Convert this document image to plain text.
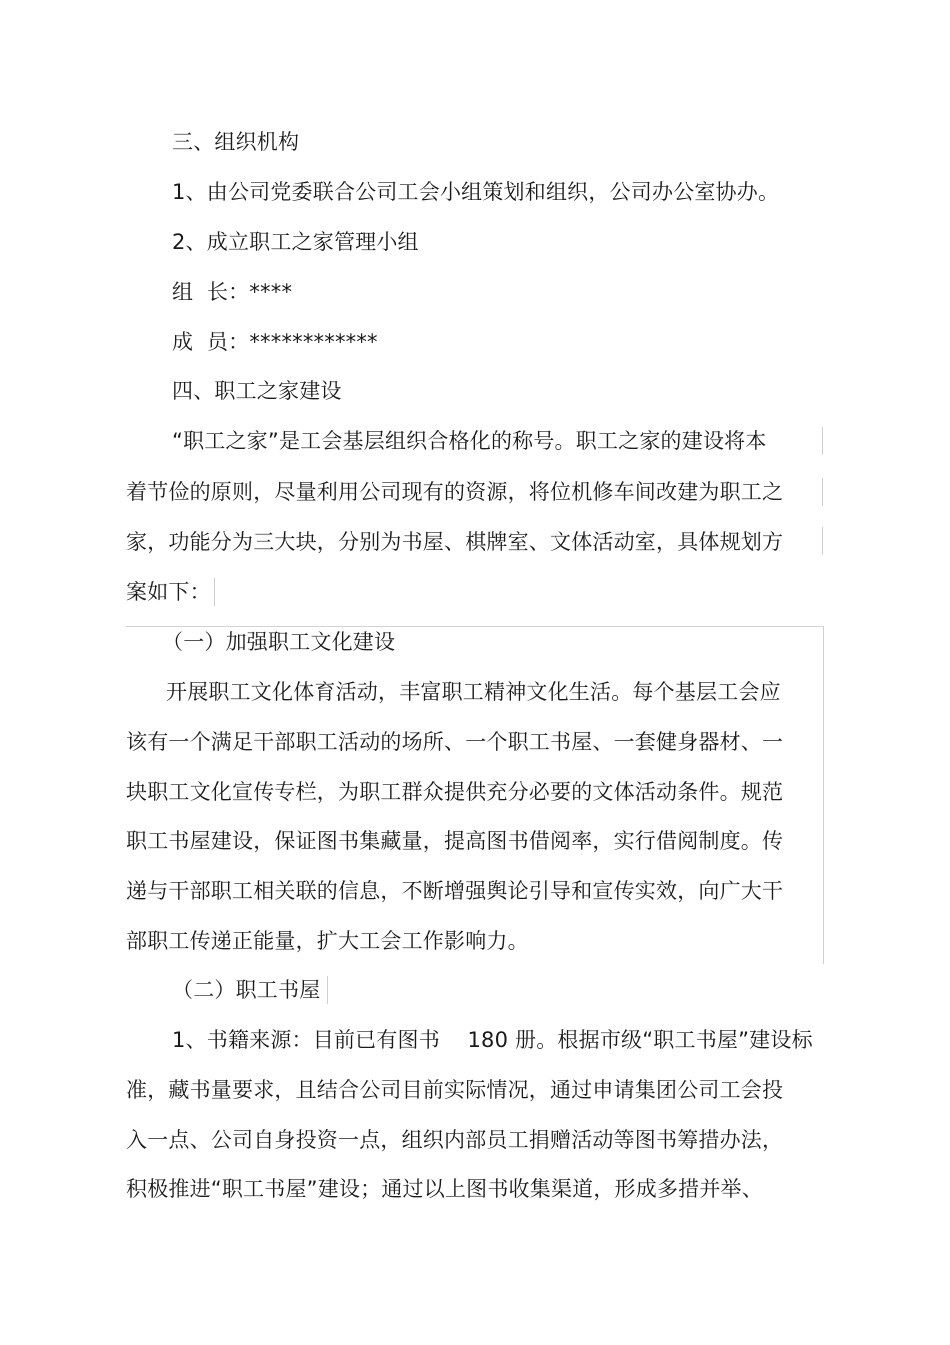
三、组织机构
1、由公司党委联合公司工会小组策划和组织，公司办公室协办。
2、成立职工之家管理小组
组  长：****
成  员：************
四、职工之家建设
“职工之家”是工会基层组织合格化的称号。职工之家的建设将本
着节俭的原则，尽量利用公司现有的资源，将位机修车间改建为职工之
家，功能分为三大块，分别为书屋、棋牌室、文体活动室，具体规划方
案如下：
（一）加强职工文化建设
开展职工文化体育活动，丰富职工精神文化生活。每个基层工会应
该有一个满足干部职工活动的场所、一个职工书屋、一套健身器材、一
块职工文化宣传专栏，为职工群众提供充分必要的文体活动条件。规范
职工书屋建设，保证图书集藏量，提高图书借阅率，实行借阅制度。传
递与干部职工相关联的信息，不断增强舆论引导和宣传实效，向广大干
部职工传递正能量，扩大工会工作影响力。
（二）职工书屋
1、书籍来源：目前已有图书    180 册。根据市级“职工书屋”建设标
准，藏书量要求，且结合公司目前实际情况，通过申请集团公司工会投
入一点、公司自身投资一点，组织内部员工捐赠活动等图书筹措办法，
积极推进“职工书屋”建设；通过以上图书收集渠道，形成多措并举、
